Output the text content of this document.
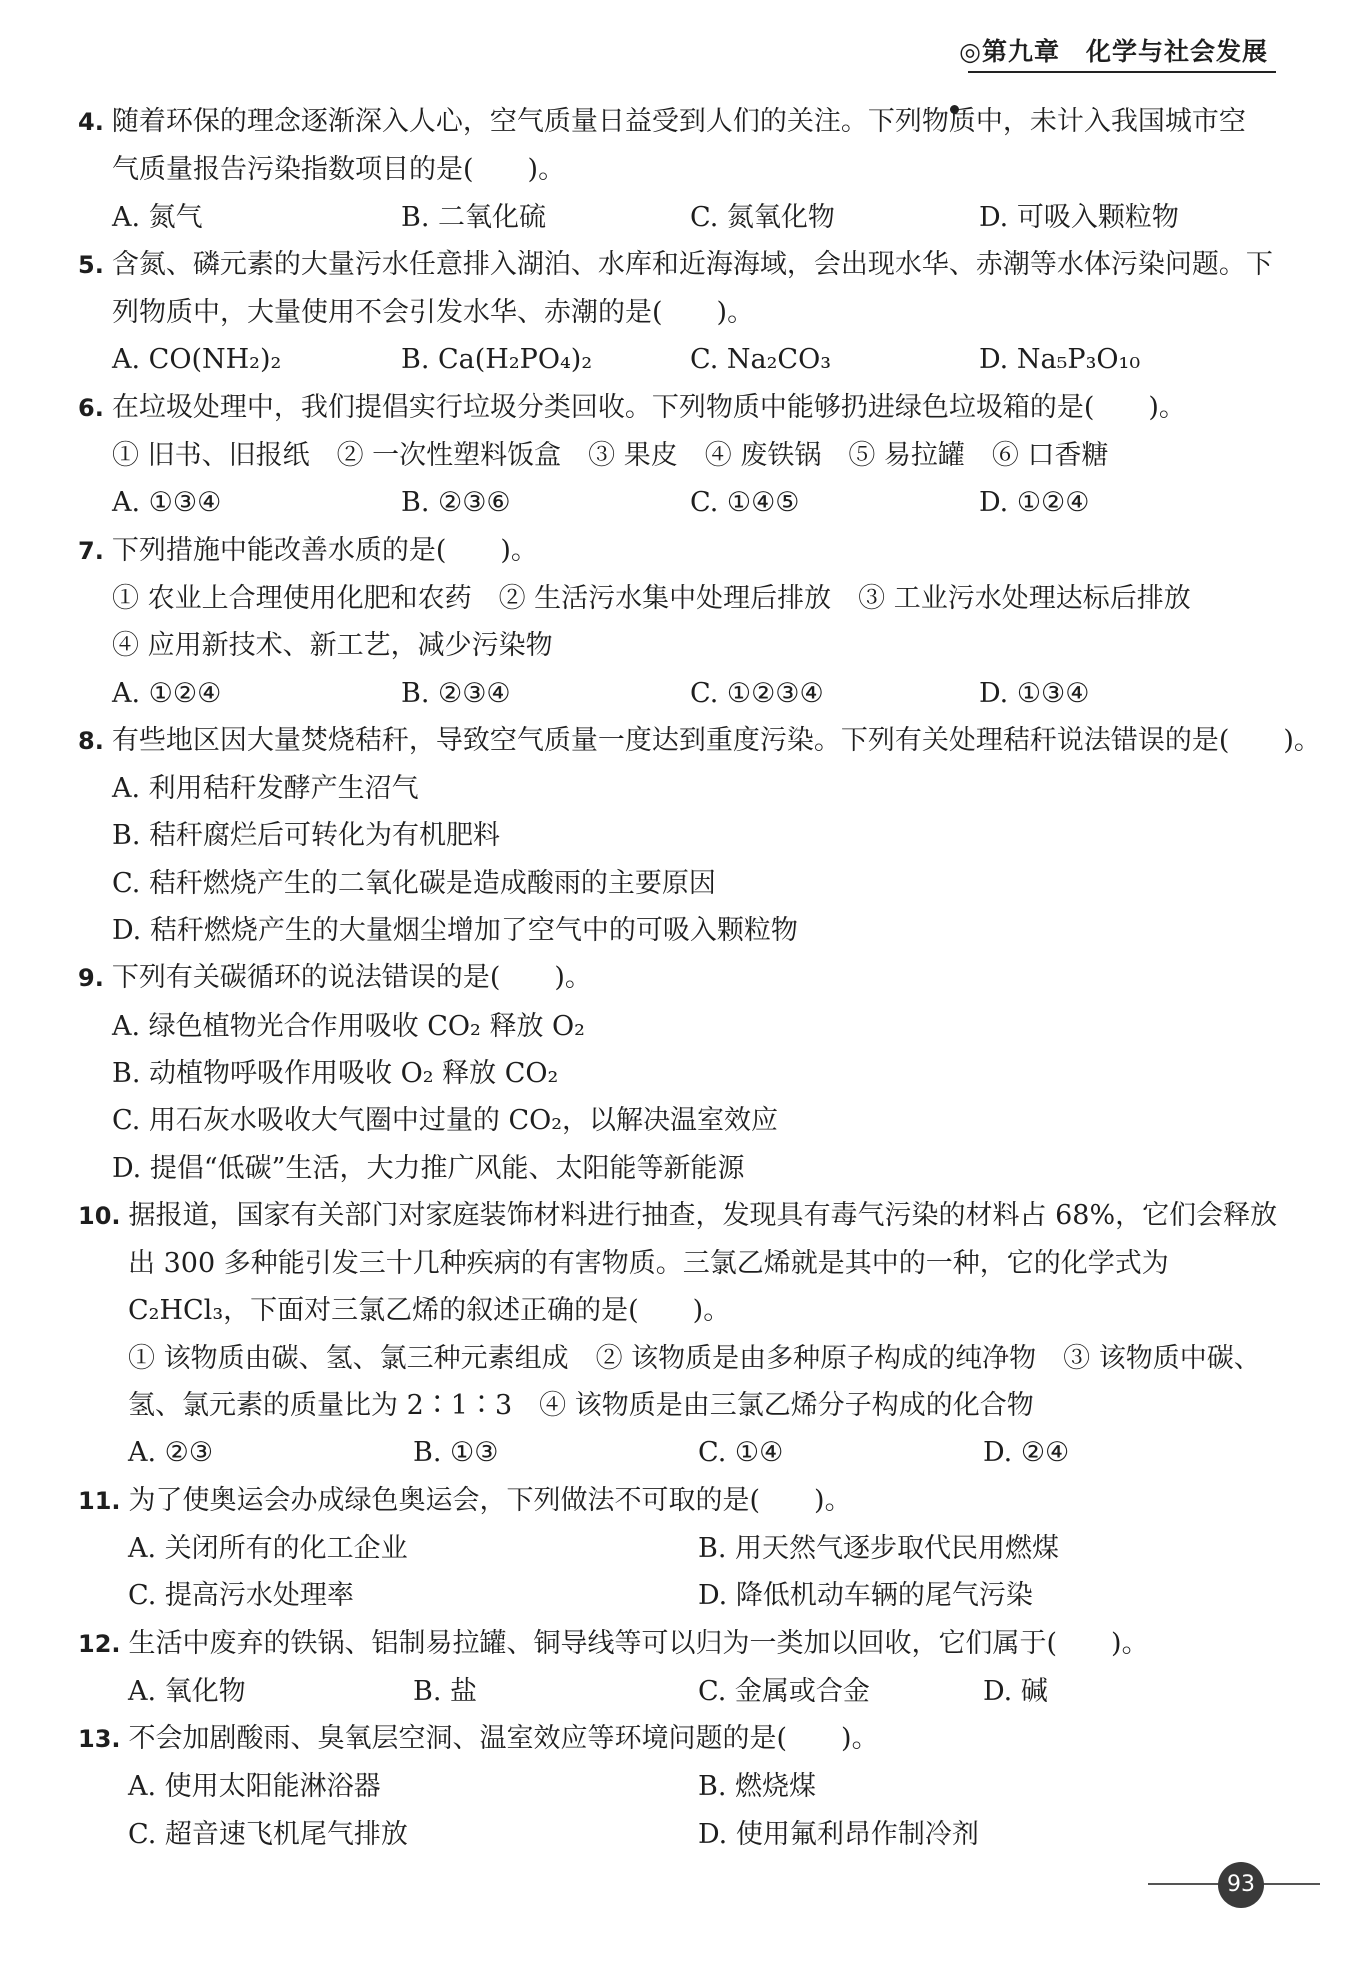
◎第九章　化学与社会发展
4. 随着环保的理念逐渐深入人心，空气质量日益受到人们的关注。下列物质中，未计入我国城市空
气质量报告污染指数项目的是(　　)。
A. 氮气	B. 二氧化硫	C. 氮氧化物	D. 可吸入颗粒物
5. 含氮、磷元素的大量污水任意排入湖泊、水库和近海海域，会出现水华、赤潮等水体污染问题。下
列物质中，大量使用不会引发水华、赤潮的是(　　)。
A. CO(NH₂)₂	B. Ca(H₂PO₄)₂	C. Na₂CO₃	D. Na₅P₃O₁₀
6. 在垃圾处理中，我们提倡实行垃圾分类回收。下列物质中能够扔进绿色垃圾箱的是(　　)。
① 旧书、旧报纸　② 一次性塑料饭盒　③ 果皮　④ 废铁锅　⑤ 易拉罐　⑥ 口香糖
A. ①③④	B. ②③⑥	C. ①④⑤	D. ①②④
7. 下列措施中能改善水质的是(　　)。
① 农业上合理使用化肥和农药　② 生活污水集中处理后排放　③ 工业污水处理达标后排放
④ 应用新技术、新工艺，减少污染物
A. ①②④	B. ②③④	C. ①②③④	D. ①③④
8. 有些地区因大量焚烧秸秆，导致空气质量一度达到重度污染。下列有关处理秸秆说法错误的是(　　)。
A. 利用秸秆发酵产生沼气
B. 秸秆腐烂后可转化为有机肥料
C. 秸秆燃烧产生的二氧化碳是造成酸雨的主要原因
D. 秸秆燃烧产生的大量烟尘增加了空气中的可吸入颗粒物
9. 下列有关碳循环的说法错误的是(　　)。
A. 绿色植物光合作用吸收 CO₂ 释放 O₂
B. 动植物呼吸作用吸收 O₂ 释放 CO₂
C. 用石灰水吸收大气圈中过量的 CO₂，以解决温室效应
D. 提倡“低碳”生活，大力推广风能、太阳能等新能源
10. 据报道，国家有关部门对家庭装饰材料进行抽查，发现具有毒气污染的材料占 68%，它们会释放
出 300 多种能引发三十几种疾病的有害物质。三氯乙烯就是其中的一种，它的化学式为
C₂HCl₃，下面对三氯乙烯的叙述正确的是(　　)。
① 该物质由碳、氢、氯三种元素组成　② 该物质是由多种原子构成的纯净物　③ 该物质中碳、
氢、氯元素的质量比为 2∶1∶3　④ 该物质是由三氯乙烯分子构成的化合物
A. ②③	B. ①③	C. ①④	D. ②④
11. 为了使奥运会办成绿色奥运会，下列做法不可取的是(　　)。
A. 关闭所有的化工企业	B. 用天然气逐步取代民用燃煤
C. 提高污水处理率	D. 降低机动车辆的尾气污染
12. 生活中废弃的铁锅、铝制易拉罐、铜导线等可以归为一类加以回收，它们属于(　　)。
A. 氧化物	B. 盐	C. 金属或合金	D. 碱
13. 不会加剧酸雨、臭氧层空洞、温室效应等环境问题的是(　　)。
A. 使用太阳能淋浴器	B. 燃烧煤
C. 超音速飞机尾气排放	D. 使用氟利昂作制冷剂
93
